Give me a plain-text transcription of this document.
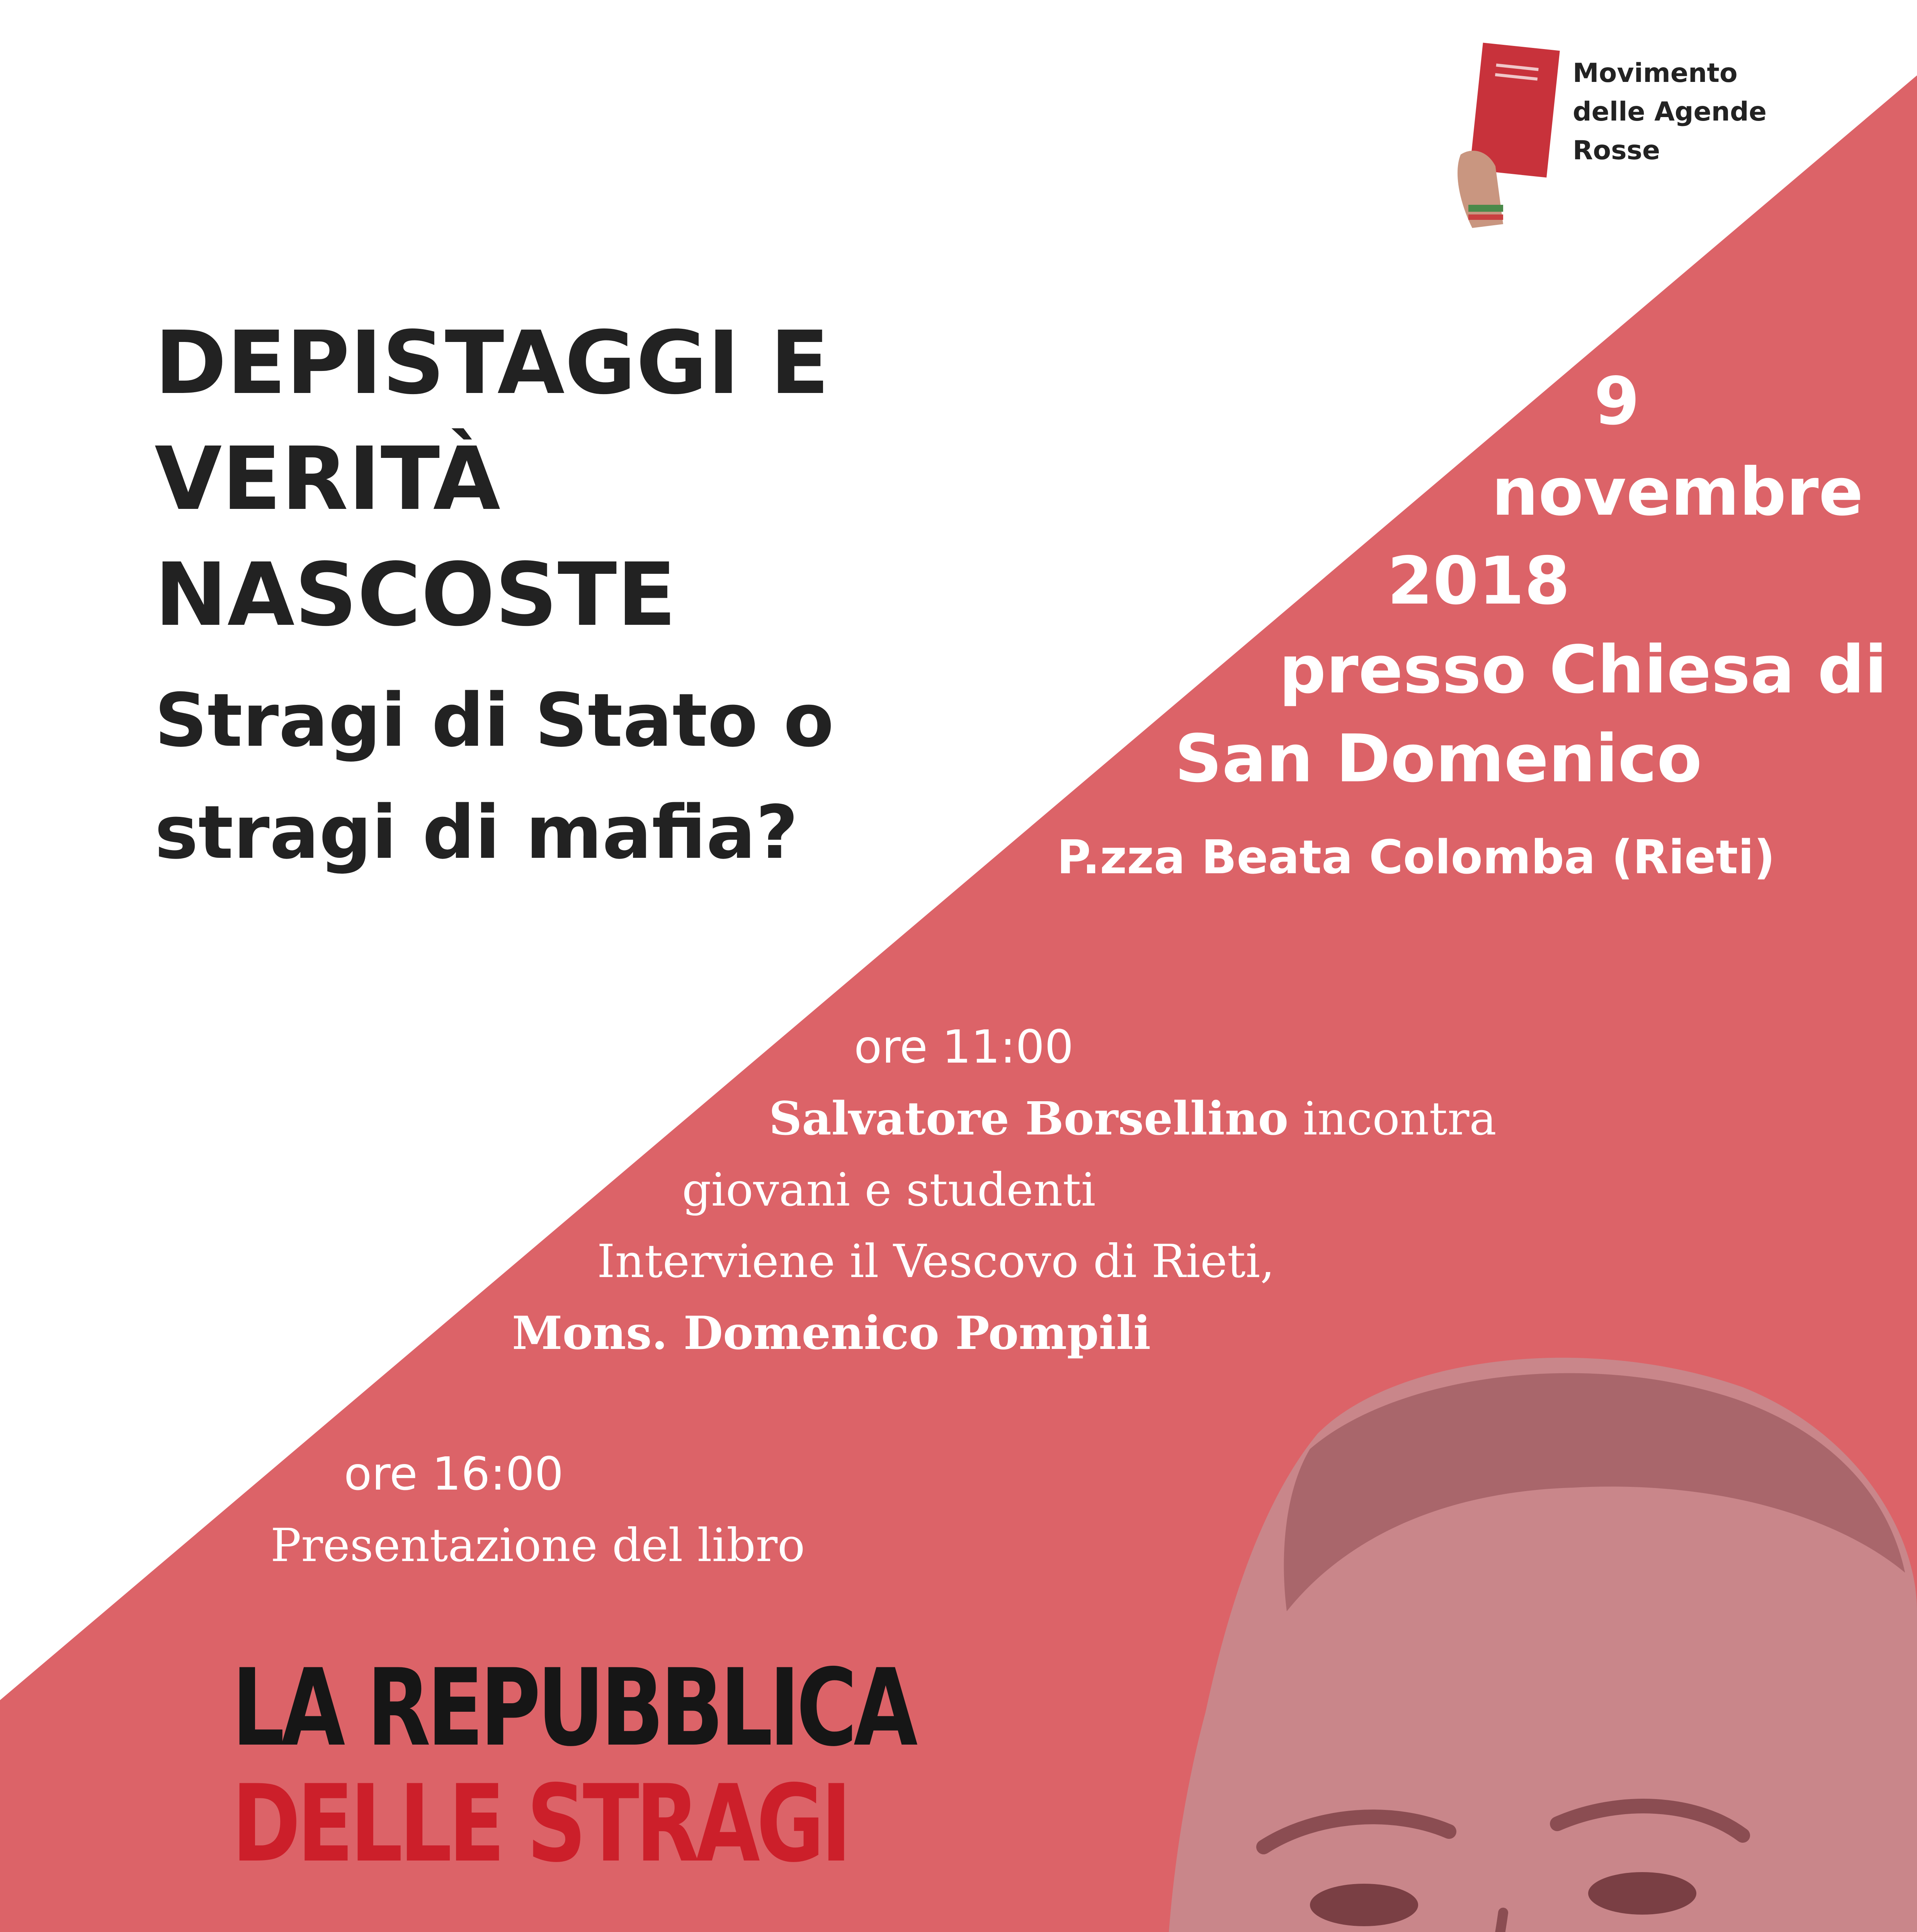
Movimento
delle Agende
Rosse
DEPISTAGGI E
VERITÀ
NASCOSTE
Stragi di Stato o
stragi di mafia?
9
novembre
2018
presso Chiesa di
San Domenico
P.zza Beata Colomba (Rieti)
ore 11:00
Salvatore Borsellino incontra
giovani e studenti
Interviene il Vescovo di Rieti,
Mons. Domenico Pompili
ore 16:00
Presentazione del libro
LA REPUBBLICA
DELLE STRAGI
